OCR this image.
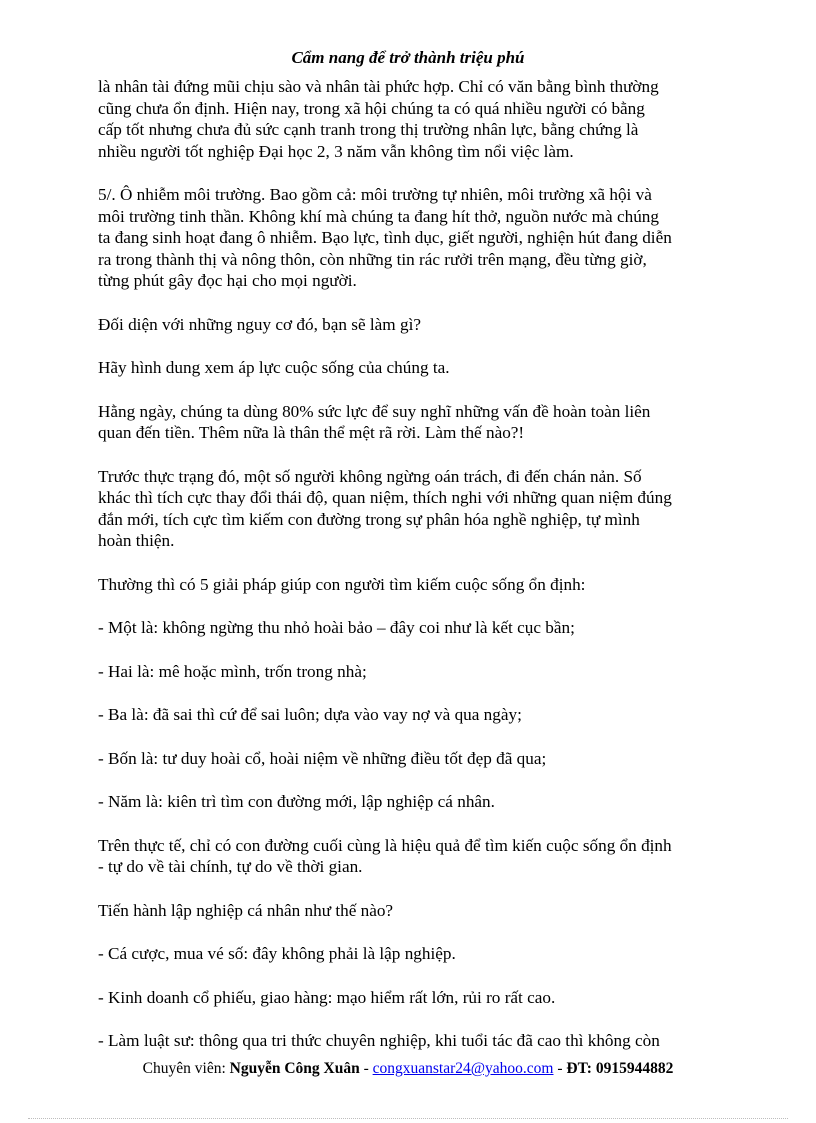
Cẩm nang để trở thành triệu phú

là nhân tài đứng mũi chịu sào và nhân tài phức hợp. Chỉ có văn bằng bình thường
cũng chưa ổn định. Hiện nay, trong xã hội chúng ta có quá nhiều người có bằng
cấp tốt nhưng chưa đủ sức cạnh tranh trong thị trường nhân lực, bằng chứng là
nhiều người tốt nghiệp Đại học 2, 3 năm vẫn không tìm nổi việc làm.

5/. Ô nhiễm môi trường. Bao gồm cả: môi trường tự nhiên, môi trường xã hội và
môi trường tinh thần. Không khí mà chúng ta đang hít thở, nguồn nước mà chúng
ta đang sinh hoạt đang ô nhiễm. Bạo lực, tình dục, giết người, nghiện hút đang diễn
ra trong thành thị và nông thôn, còn những tin rác rưởi trên mạng, đều từng giờ,
từng phút gây đọc hại cho mọi người.

Đối diện với những nguy cơ đó, bạn sẽ làm gì?

Hãy hình dung xem áp lực cuộc sống của chúng ta.

Hằng ngày, chúng ta dùng 80% sức lực để suy nghĩ những vấn đề hoàn toàn liên
quan đến tiền. Thêm nữa là thân thể mệt rã rời. Làm thế nào?!

Trước thực trạng đó, một số người không ngừng oán trách, đi đến chán nản. Số
khác thì tích cực thay đổi thái độ, quan niệm, thích nghi với những quan niệm đúng
đắn mới, tích cực tìm kiếm con đường trong sự phân hóa nghề nghiệp, tự mình
hoàn thiện.

Thường thì có 5 giải pháp giúp con người tìm kiếm cuộc sống ổn định:

- Một là: không ngừng thu nhỏ hoài bảo – đây coi như là kết cục bần;

- Hai là: mê hoặc mình, trốn trong nhà;

- Ba là: đã sai thì cứ để sai luôn; dựa vào vay nợ và qua ngày;

- Bốn là: tư duy hoài cổ, hoài niệm về những điều tốt đẹp đã qua;

- Năm là: kiên trì tìm con đường mới, lập nghiệp cá nhân.

Trên thực tế, chỉ có con đường cuối cùng là hiệu quả để tìm kiến cuộc sống ổn định
- tự do về tài chính, tự do về thời gian.

Tiến hành lập nghiệp cá nhân như thế nào?

- Cá cược, mua vé số: đây không phải là lập nghiệp.

- Kinh doanh cổ phiếu, giao hàng: mạo hiểm rất lớn, rủi ro rất cao.

- Làm luật sư: thông qua tri thức chuyên nghiệp, khi tuổi tác đã cao thì không còn

Chuyên viên: Nguyễn Công Xuân - congxuanstar24@yahoo.com - ĐT: 0915944882
